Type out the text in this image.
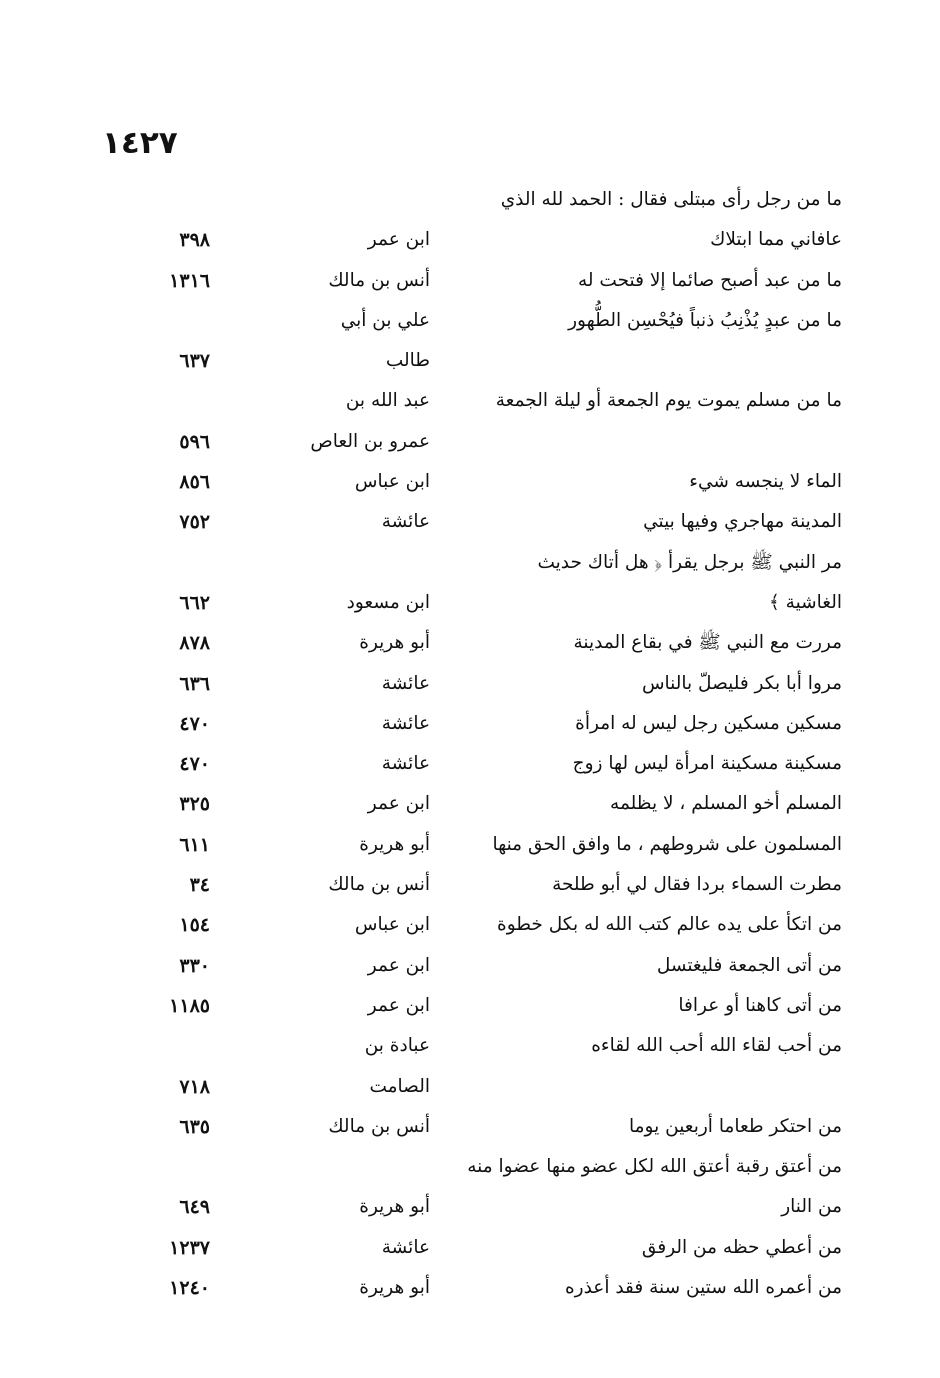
١٤٢٧
ما من رجل رأى مبتلى فقال : الحمد لله الذي
عافاني مما ابتلاك
ابن عمر
٣٩٨
ما من عبد أصبح صائما إلا فتحت له
أنس بن مالك
١٣١٦
ما من عبدٍ يُذْنِبُ ذنباً فيُحْسِن الطُّهور
علي بن أبي
طالب
٦٣٧
ما من مسلم يموت يوم الجمعة أو ليلة الجمعة
عبد الله بن
عمرو بن العاص
٥٩٦
الماء لا ينجسه شيء
ابن عباس
٨٥٦
المدينة مهاجري وفيها بيتي
عائشة
٧٥٢
مر النبي ﷺ برجل يقرأ ﴿ هل أتاك حديث
الغاشية ﴾
ابن مسعود
٦٦٢
مررت مع النبي ﷺ في بقاع المدينة
أبو هريرة
٨٧٨
مروا أبا بكر فليصلّ بالناس
عائشة
٦٣٦
مسكين مسكين رجل ليس له امرأة
عائشة
٤٧٠
مسكينة مسكينة امرأة ليس لها زوج
عائشة
٤٧٠
المسلم أخو المسلم ، لا يظلمه
ابن عمر
٣٢٥
المسلمون على شروطهم ، ما وافق الحق منها
أبو هريرة
٦١١
مطرت السماء بردا فقال لي أبو طلحة
أنس بن مالك
٣٤
من اتكأ على يده عالم كتب الله له بكل خطوة
ابن عباس
١٥٤
من أتى الجمعة فليغتسل
ابن عمر
٣٣٠
من أتى كاهنا أو عرافا
ابن عمر
١١٨٥
من أحب لقاء الله أحب الله لقاءه
عبادة بن
الصامت
٧١٨
من احتكر طعاما أربعين يوما
أنس بن مالك
٦٣٥
من أعتق رقبة أعتق الله لكل عضو منها عضوا منه
من النار
أبو هريرة
٦٤٩
من أعطي حظه من الرفق
عائشة
١٢٣٧
من أعمره الله ستين سنة فقد أعذره
أبو هريرة
١٢٤٠
